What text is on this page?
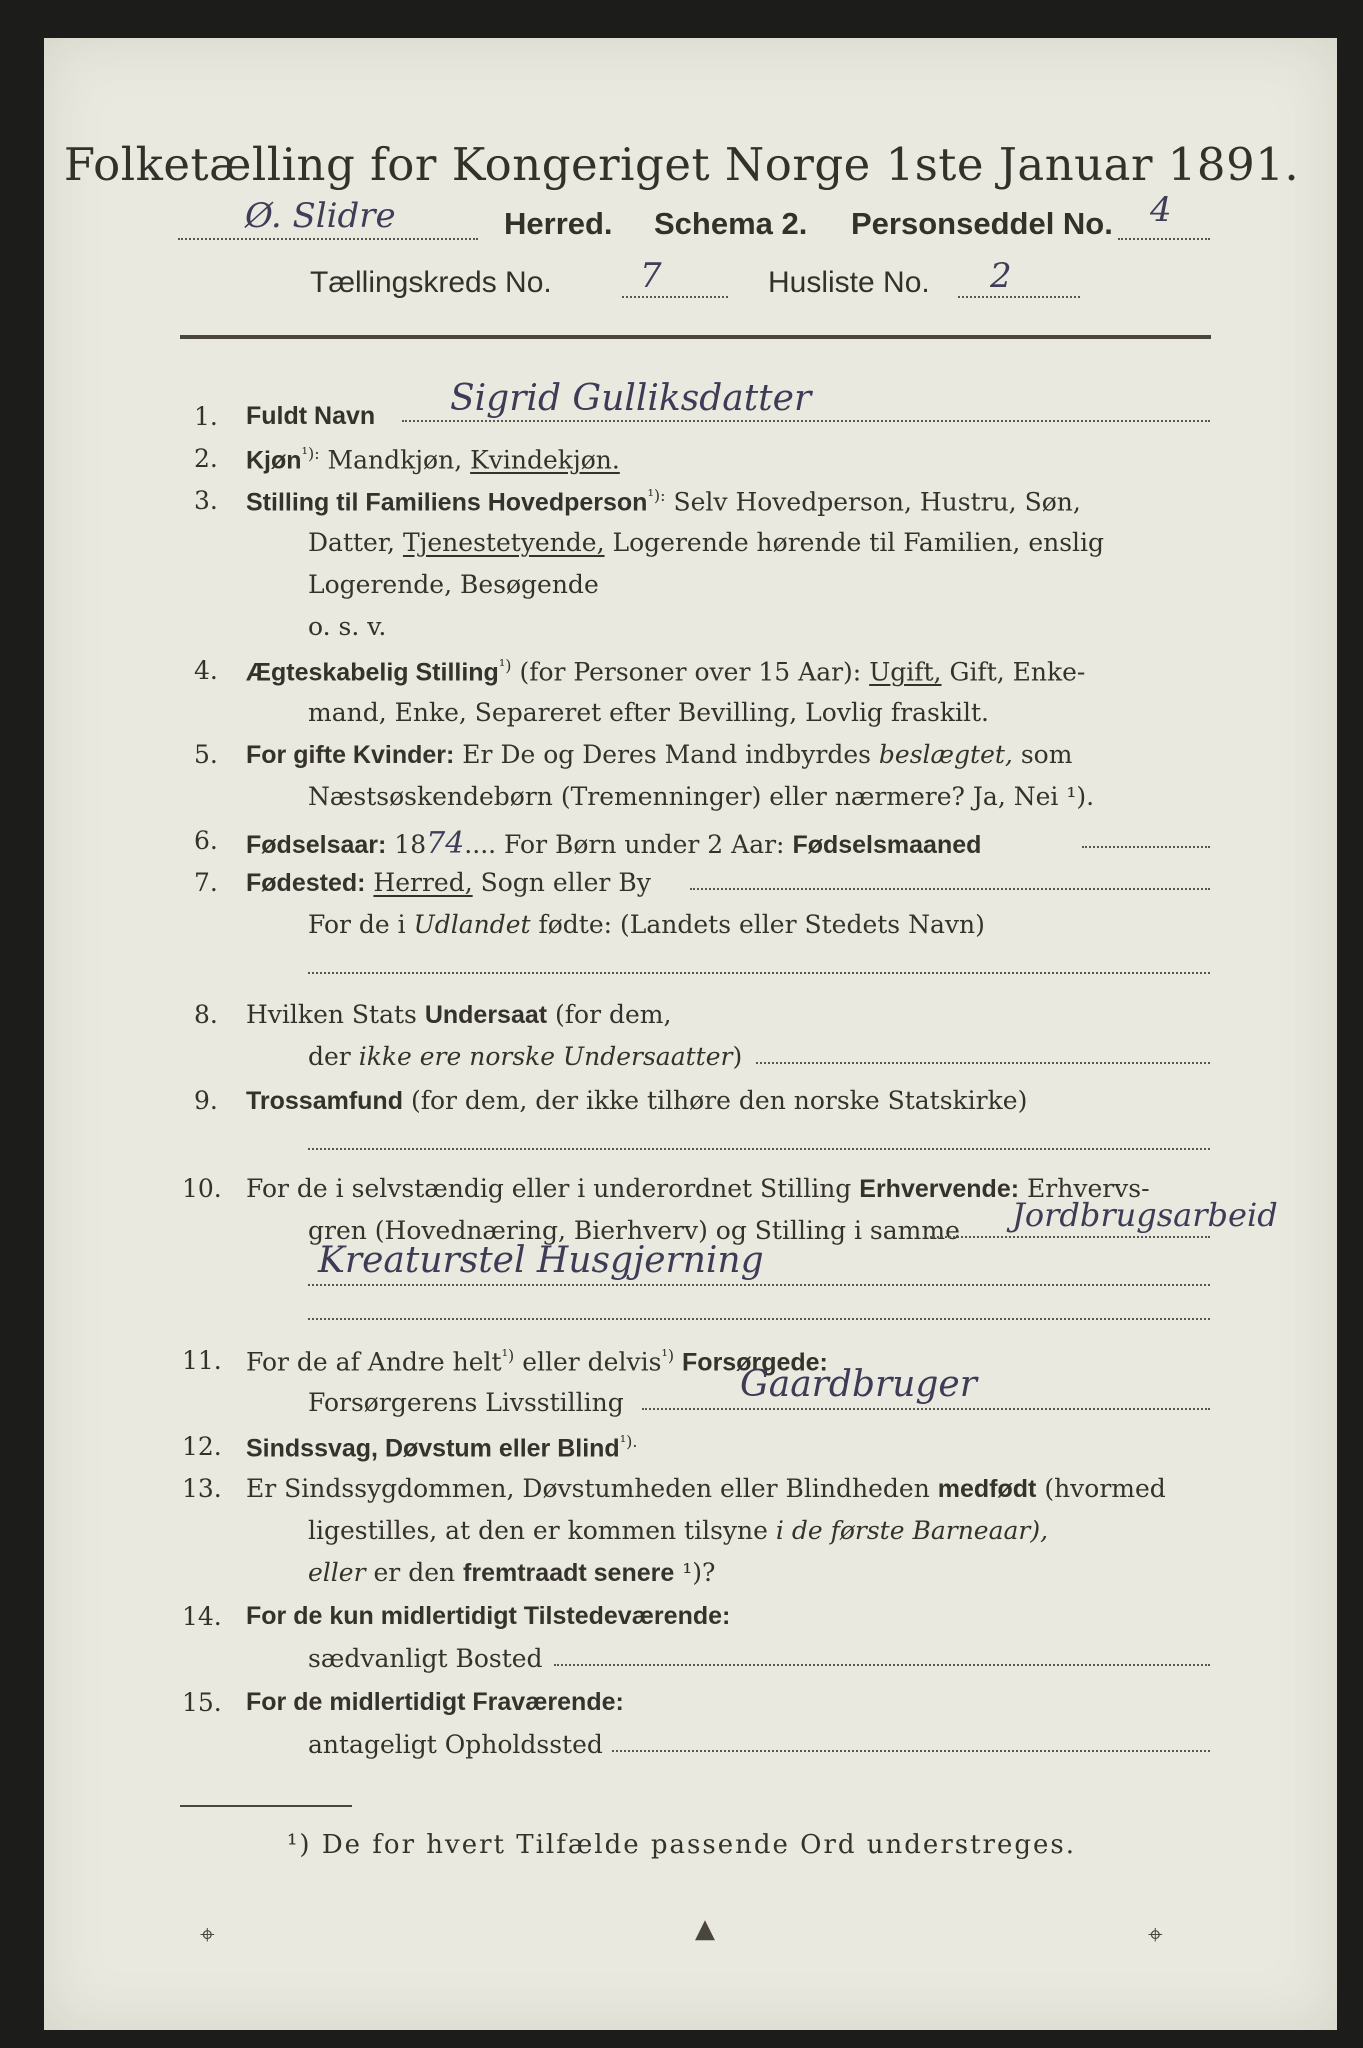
Folketælling for Kongeriget Norge 1ste Januar 1891.
Ø. Slidre	Herred. Schema 2. Personseddel No. 4
Tællingskreds No.	7	Husliste No. 2
1. Fuldt Navn Sigrid Gulliksdatter
2. Kjøn$^{^1):}$ Mandkjøn, Kvindekjøn.
3. Stilling til Familiens Hovedperson$^{^1):}$ Selv Hovedperson, Hustru, Søn,
Datter, Tjenestetyende, Logerende hørende til Familien, enslig
Logerende, Besøgende
o. s. v.
4. Ægteskabelig Stilling$^{^1)}$ (for Personer over 15 Aar): Ugift, Gift, Enke-
mand, Enke, Separeret efter Bevilling, Lovlig fraskilt.
5. For gifte Kvinder: Er De og Deres Mand indbyrdes beslægtet, som
Næstsøskendebørn (Tremenninger) eller nærmere? Ja, Nei ¹).
6. Fødselsaar: 1874.... For Børn under 2 Aar: Fødselsmaaned
7. Fødested: Herred, Sogn eller By
For de i Udlandet fødte: (Landets eller Stedets Navn)
8. Hvilken Stats Undersaat (for dem,
der ikke ere norske Undersaatter)
9. Trossamfund (for dem, der ikke tilhøre den norske Statskirke)
10. For de i selvstændig eller i underordnet Stilling Erhvervende: Erhvervs-
gren (Hovednæring, Bierhverv) og Stilling i samme Jordbrugsarbeid
Kreaturstel Husgjerning
11. For de af Andre helt$^{^1)}$ eller delvis$^{^1)}$ Forsørgede:
Forsørgerens Livsstilling	Gaardbruger
12. Sindssvag, Døvstum eller Blind$^{^1).}$
13. Er Sindssygdommen, Døvstumheden eller Blindheden medfødt (hvormed
ligestilles, at den er kommen tilsyne i de første Barneaar),
eller er den fremtraadt senere ¹)?
14. For de kun midlertidigt Tilstedeværende:
sædvanligt Bosted
15. For de midlertidigt Fraværende:
antageligt Opholdssted
¹) De for hvert Tilfælde passende Ord understreges.
⌖	▲	⌖
